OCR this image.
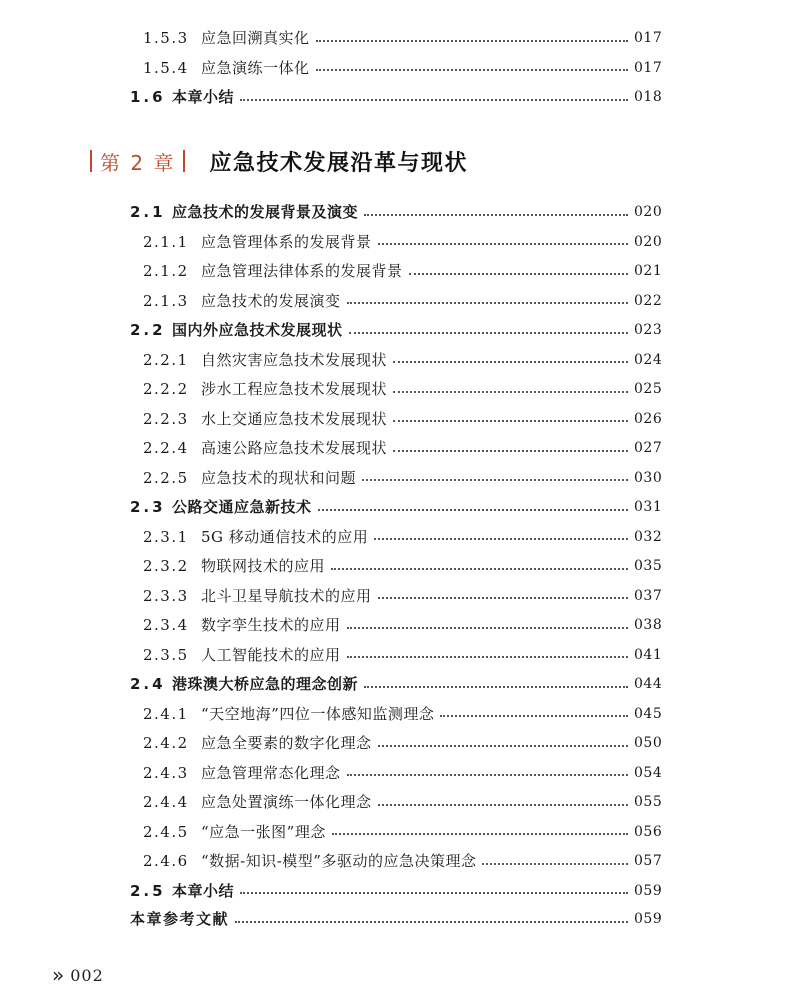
1.5.3 应急回溯真实化	017
1.5.4 应急演练一体化	017
1.6 本章小结	018
第 2 章 应急技术发展沿革与现状
2.1 应急技术的发展背景及演变	020
2.1.1 应急管理体系的发展背景	020
2.1.2 应急管理法律体系的发展背景	021
2.1.3 应急技术的发展演变	022
2.2 国内外应急技术发展现状	023
2.2.1 自然灾害应急技术发展现状	024
2.2.2 涉水工程应急技术发展现状	025
2.2.3 水上交通应急技术发展现状	026
2.2.4 高速公路应急技术发展现状	027
2.2.5 应急技术的现状和问题	030
2.3 公路交通应急新技术	031
2.3.1 5G 移动通信技术的应用	032
2.3.2 物联网技术的应用	035
2.3.3 北斗卫星导航技术的应用	037
2.3.4 数字孪生技术的应用	038
2.3.5 人工智能技术的应用	041
2.4 港珠澳大桥应急的理念创新	044
2.4.1 “天空地海”四位一体感知监测理念	045
2.4.2 应急全要素的数字化理念	050
2.4.3 应急管理常态化理念	054
2.4.4 应急处置演练一体化理念	055
2.4.5 “应急一张图”理念	056
2.4.6 “数据-知识-模型”多驱动的应急决策理念	057
2.5 本章小结	059
本章参考文献	059
» 002
